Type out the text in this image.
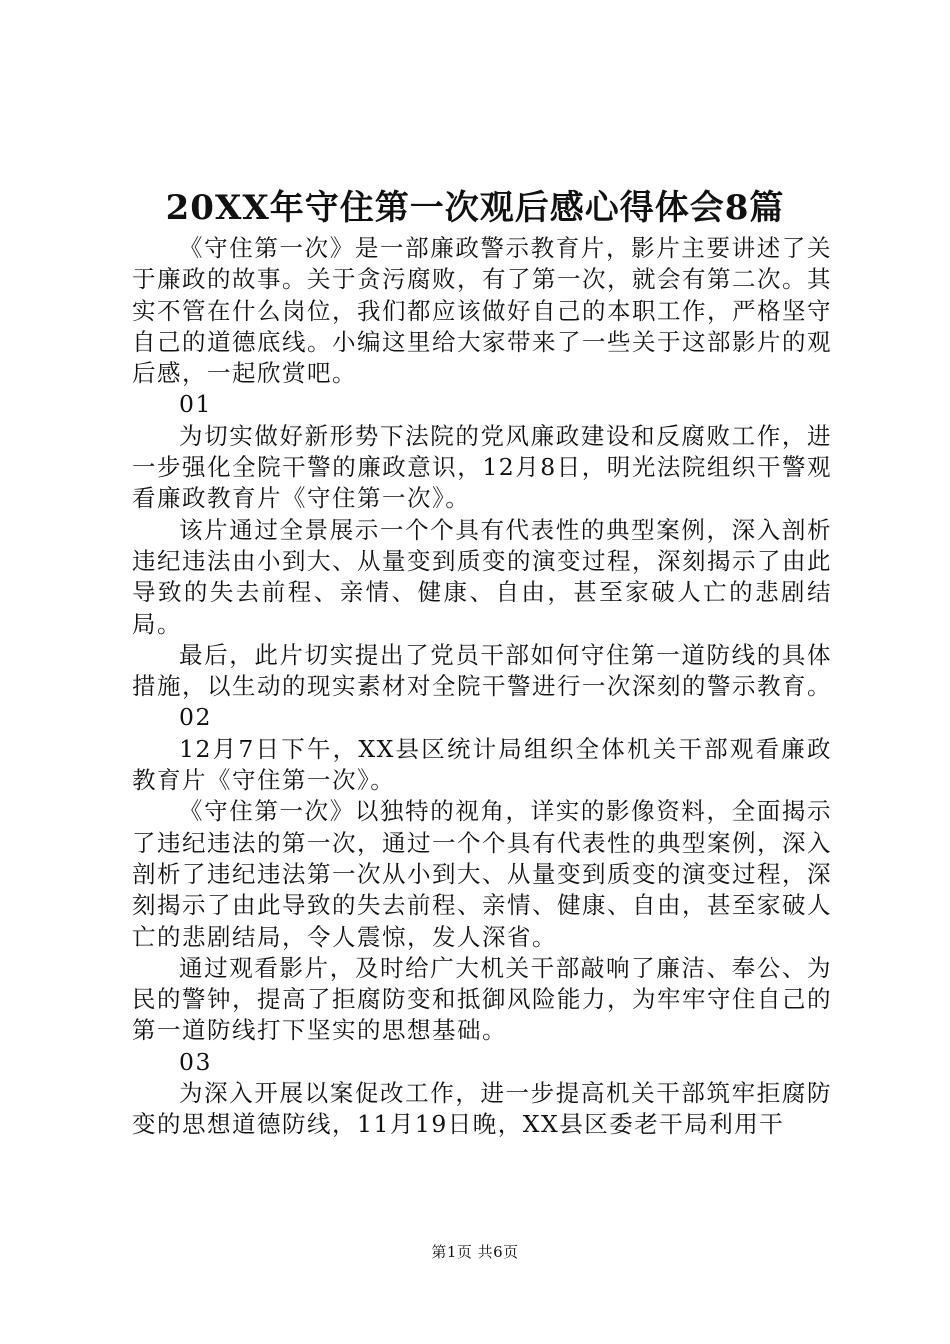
20XX年守住第一次观后感心得体会8篇

《守住第一次》是一部廉政警示教育片，影片主要讲述了关于廉政的故事。关于贪污腐败，有了第一次，就会有第二次。其实不管在什么岗位，我们都应该做好自己的本职工作，严格坚守自己的道德底线。小编这里给大家带来了一些关于这部影片的观后感，一起欣赏吧。

01

为切实做好新形势下法院的党风廉政建设和反腐败工作，进一步强化全院干警的廉政意识，12月8日，明光法院组织干警观看廉政教育片《守住第一次》。

该片通过全景展示一个个具有代表性的典型案例，深入剖析违纪违法由小到大、从量变到质变的演变过程，深刻揭示了由此导致的失去前程、亲情、健康、自由，甚至家破人亡的悲剧结局。

最后，此片切实提出了党员干部如何守住第一道防线的具体措施，以生动的现实素材对全院干警进行一次深刻的警示教育。

02

12月7日下午，XX县区统计局组织全体机关干部观看廉政教育片《守住第一次》。

《守住第一次》以独特的视角，详实的影像资料，全面揭示了违纪违法的第一次，通过一个个具有代表性的典型案例，深入剖析了违纪违法第一次从小到大、从量变到质变的演变过程，深刻揭示了由此导致的失去前程、亲情、健康、自由，甚至家破人亡的悲剧结局，令人震惊，发人深省。

通过观看影片，及时给广大机关干部敲响了廉洁、奉公、为民的警钟，提高了拒腐防变和抵御风险能力，为牢牢守住自己的第一道防线打下坚实的思想基础。

03

为深入开展以案促改工作，进一步提高机关干部筑牢拒腐防变的思想道德防线，11月19日晚，XX县区委老干局利用干

第1页 共6页
